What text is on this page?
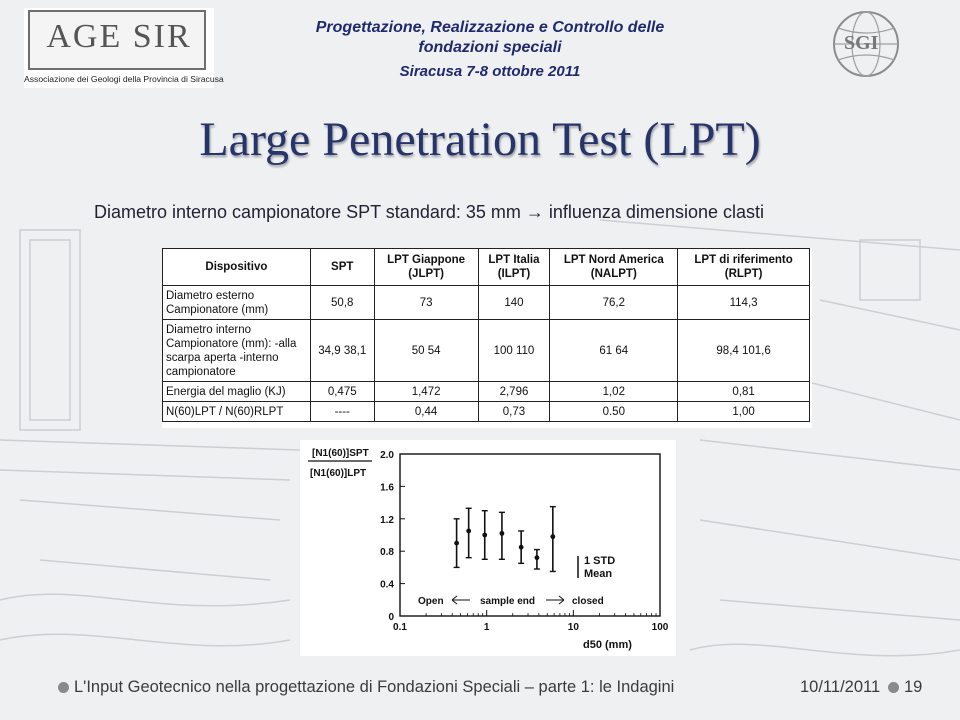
AGE SIR
Associazione dei Geologi della Provincia di Siracusa
Progettazione, Realizzazione e Controllo delle
fondazioni speciali
Siracusa 7-8 ottobre 2011
SGI
Large Penetration Test (LPT)
Diametro interno campionatore SPT standard: 35 mm → influenza dimensione clasti
Dispositivo	SPT	LPT Giappone (JLPT)	LPT Italia (ILPT)	LPT Nord America (NALPT)	LPT di riferimento (RLPT)
Diametro esterno Campionatore (mm)	50,8	73	140	76,2	114,3
Diametro interno Campionatore (mm): -alla scarpa aperta -interno campionatore	34,9 38,1	50 54	100 110	61 64	98,4 101,6
Energia del maglio (KJ)	0,475	1,472	2,796	1,02	0,81
N(60)LPT / N(60)RLPT	----	0,44	0,73	0.50	1,00
[N1(60)]SPT
[N1(60)]LPT
d50 (mm)
1 STD
Mean
Open	sample end	closed
0
0.4
0.8
1.2
1.6
2.0
0.1	1	10	100
L'Input Geotecnico nella progettazione di Fondazioni Speciali – parte 1: le Indagini	10/11/2011 19
